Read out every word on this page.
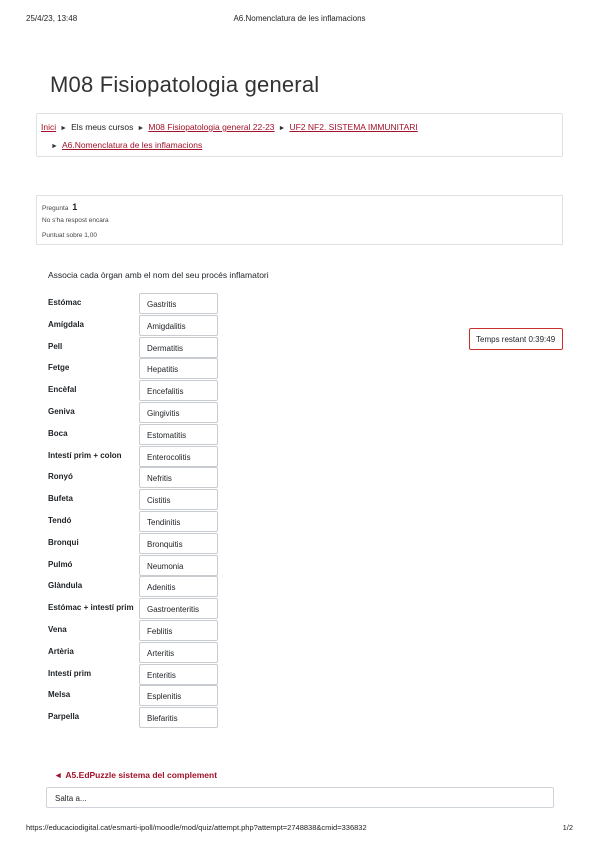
25/4/23, 13:48	A6.Nomenclatura de les inflamacions
M08 Fisiopatologia general
Inici ► Els meus cursos ► M08 Fisiopatologia general 22-23 ► UF2 NF2. SISTEMA IMMUNITARI
► A6.Nomenclatura de les inflamacions
Pregunta 1
No s'ha respost encara
Puntuat sobre 1,00
Associa cada òrgan amb el nom del seu procés inflamatori
Estómac	Gastritis
Amígdala	Amigdalitis
Pell	Dermatitis
Fetge	Hepatitis
Encèfal	Encefalitis
Geniva	Gingivitis
Boca	Estomatitis
Intestí prim + colon	Enterocolitis
Ronyó	Nefritis
Bufeta	Cistitis
Tendó	Tendinitis
Bronqui	Bronquitis
Pulmó	Neumonia
Glàndula	Adenitis
Estómac + intestí prim	Gastroenteritis
Vena	Feblitis
Artèria	Arteritis
Intestí prim	Enteritis
Melsa	Esplenitis
Parpella	Blefaritis
Temps restant 0:39:49
◄ A5.EdPuzzle sistema del complement
Salta a...
https://educaciodigital.cat/esmarti-ipoll/moodle/mod/quiz/attempt.php?attempt=2748838&cmid=336832	1/2
